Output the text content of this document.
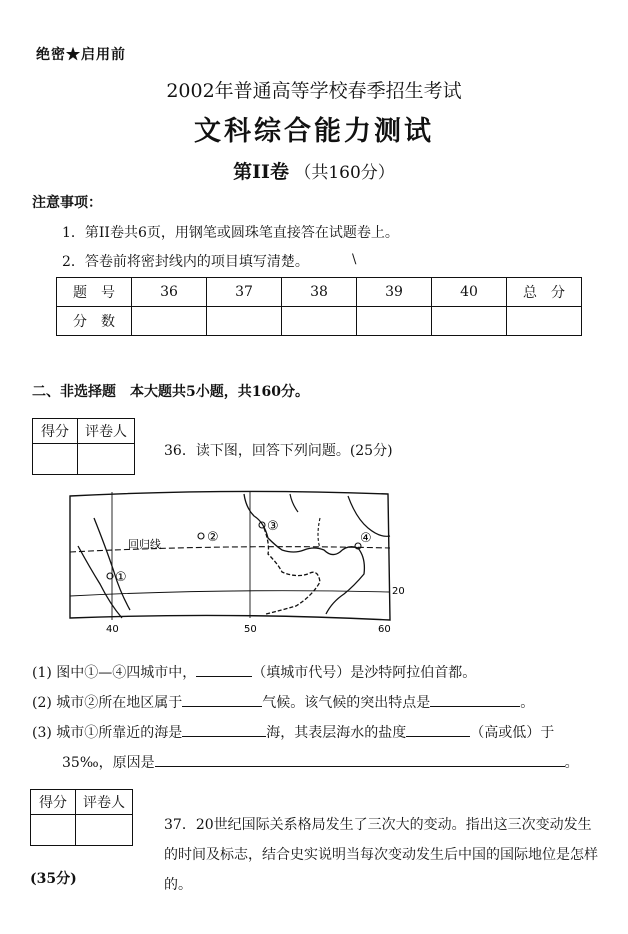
绝密★启用前
2002年普通高等学校春季招生考试
文科综合能力测试
第II卷 （共160分）
注意事项：
1．第II卷共6页，用钢笔或圆珠笔直接答在试题卷上。
2．答卷前将密封线内的项目填写清楚。	\
题　号	36	37	38	39	40	总　分
分　数						
二、非选择题　本大题共5小题，共160分。
得分	评卷人

36．读下图，回答下列问题。(25分)
①
②
③
④
回归线
20
40	50	60
(1) 图中①—④四城市中，	（填城市代号）是沙特阿拉伯首都。
(2) 城市②所在地区属于	气候。该气候的突出特点是	。
(3) 城市①所靠近的海是	海，其表层海水的盐度	（高或低）于
35‰，原因是	。
得分	评卷人

37．20世纪国际关系格局发生了三次大的变动。指出这三次变动发生的时间及标志，结合史实说明当每次变动发生后中国的国际地位是怎样的。
(35分)
